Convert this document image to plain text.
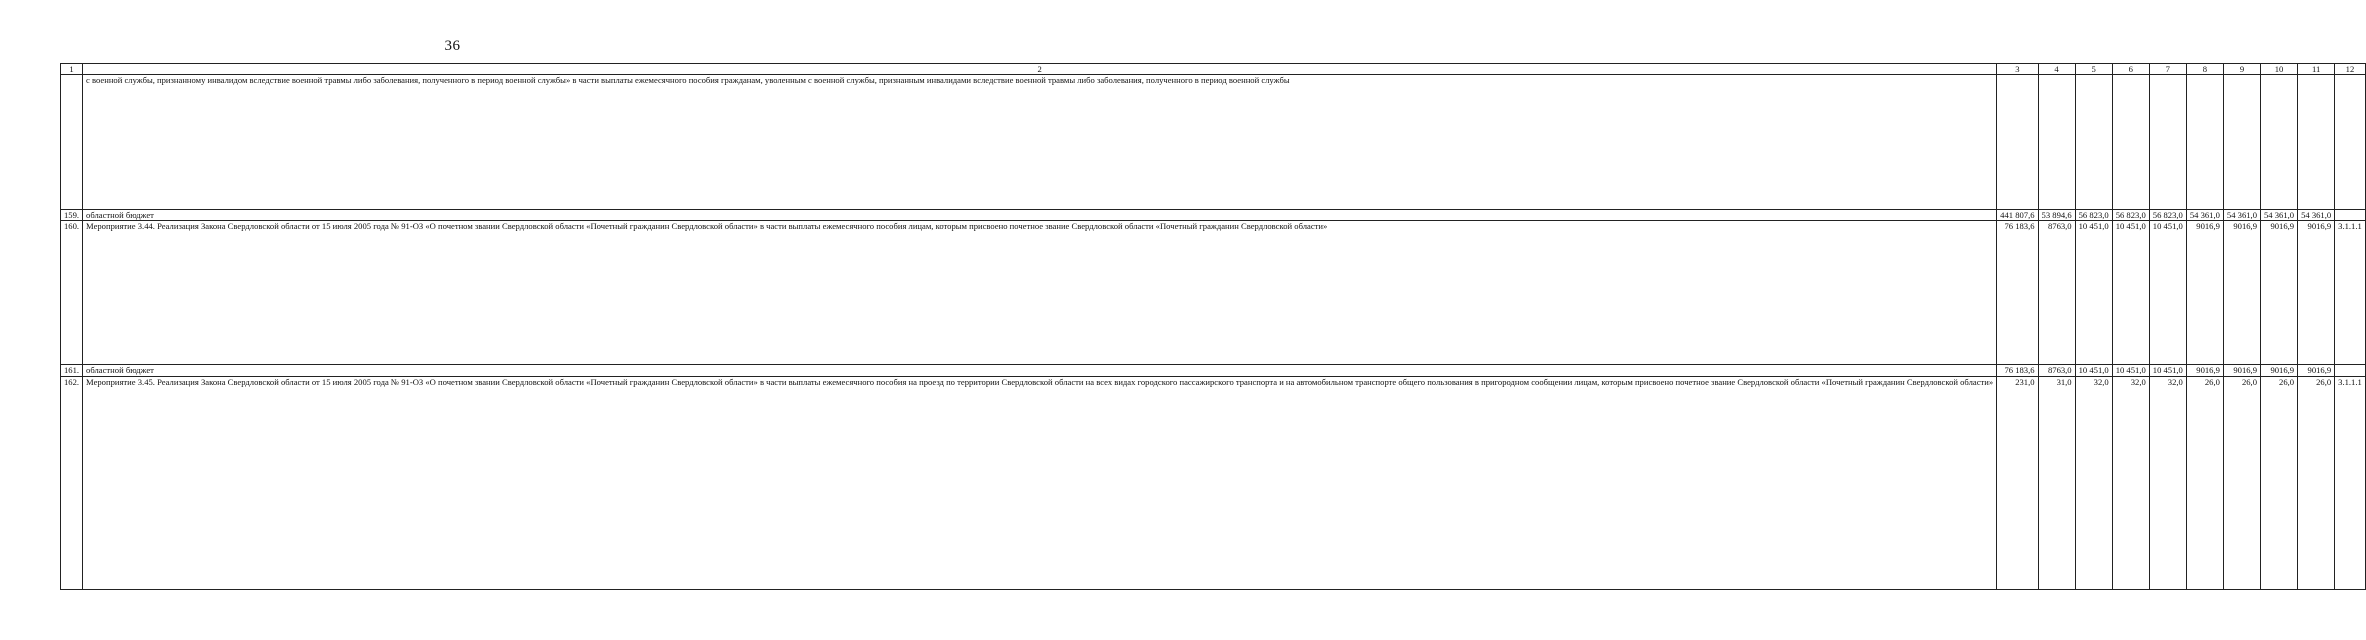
36
1	2	3	4	5	6	7	8	9	10	11	12
	с военной службы, признанному инвалидом вследствие военной травмы либо заболевания, полученного в период военной службы» в части выплаты ежемесячного пособия гражданам, уволенным с военной службы, признанным инвалидами вследствие военной травмы либо заболевания, полученного в период военной службы										
159.	областной бюджет	441 807,6	53 894,6	56 823,0	56 823,0	56 823,0	54 361,0	54 361,0	54 361,0	54 361,0	
160.	Мероприятие 3.44. Реализация Закона Свердловской области от 15 июля 2005 года № 91-ОЗ «О почетном звании Свердловской области «Почетный гражданин Свердловской области» в части выплаты ежемесячного пособия лицам, которым присвоено почетное звание Свердловской области «Почетный гражданин Свердловской области»	76 183,6	8763,0	10 451,0	10 451,0	10 451,0	9016,9	9016,9	9016,9	9016,9	3.1.1.1
161.	областной бюджет	76 183,6	8763,0	10 451,0	10 451,0	10 451,0	9016,9	9016,9	9016,9	9016,9	
162.	Мероприятие 3.45. Реализация Закона Свердловской области от 15 июля 2005 года № 91-ОЗ «О почетном звании Свердловской области «Почетный гражданин Свердловской области» в части выплаты ежемесячного пособия на проезд по территории Свердловской области на всех видах городского пассажирского транспорта и на автомобильном транспорте общего пользования в пригородном сообщении лицам, которым присвоено почетное звание Свердловской области «Почетный гражданин Свердловской области»	231,0	31,0	32,0	32,0	32,0	26,0	26,0	26,0	26,0	3.1.1.1
